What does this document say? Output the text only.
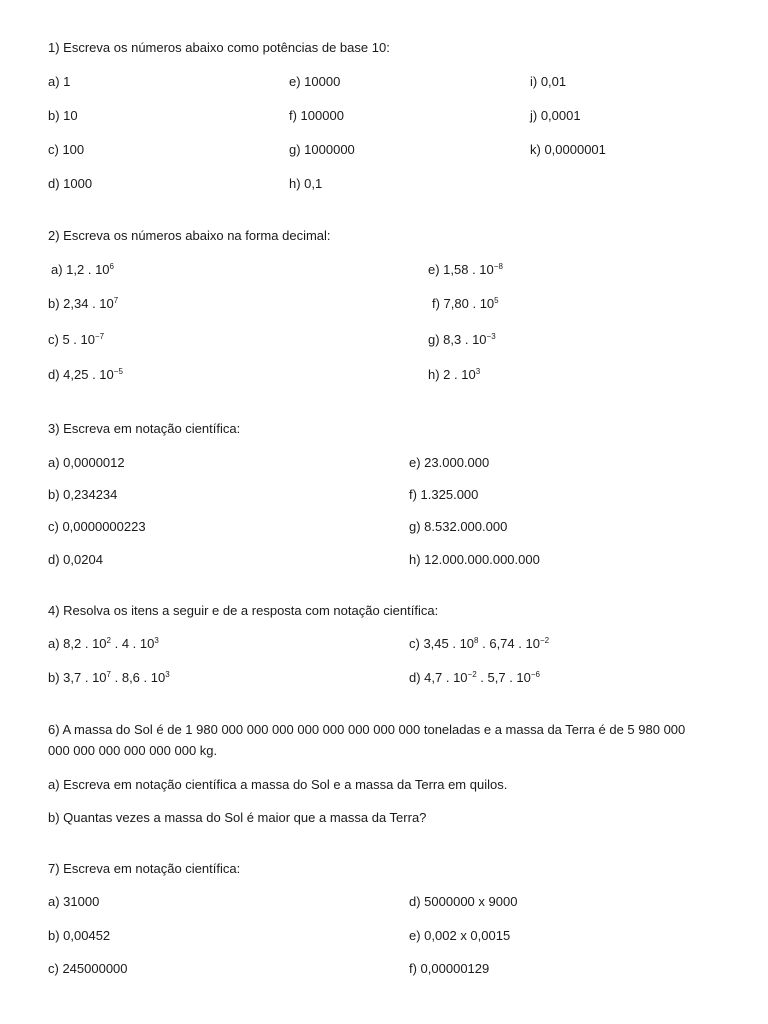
1) Escreva os números abaixo como potências de base 10:
a) 1
b) 10
c) 100
d) 1000
e) 10000
f) 100000
g) 1000000
h) 0,1
i) 0,01
j) 0,0001
k) 0,0000001
2) Escreva os números abaixo na forma decimal:
a) 1,2 . $10^6$
b) 2,34 . $10^7$
c) 5 . $10^{-7}$
d) 4,25 . $10^{-5}$
e) 1,58 . $10^{-8}$
f) 7,80 . $10^5$
g) 8,3 . $10^{-3}$
h) 2 . $10^3$
3) Escreva em notação científica:
a) 0,0000012
b) 0,234234
c) 0,0000000223
d) 0,0204
e) 23.000.000
f) 1.325.000
g) 8.532.000.000
h) 12.000.000.000.000
4) Resolva os itens a seguir e de a resposta com notação científica:
a) 8,2 . $10^2$ . 4 . $10^3$
b) 3,7 . $10^7$ . 8,6 . $10^3$
c) 3,45 . $10^8$ . 6,74 . $10^{-2}$
d) 4,7 . $10^{-2}$ . 5,7 . $10^{-6}$
6) A massa do Sol é de 1 980 000 000 000 000 000 000 000 000 toneladas e a massa da Terra é de 5 980 000 000 000 000 000 000 000 kg.
a) Escreva em notação científica a massa do Sol e a massa da Terra em quilos.
b) Quantas vezes a massa do Sol é maior que a massa da Terra?
7) Escreva em notação científica:
a) 31000
b) 0,00452
c) 245000000
d) 5000000 x 9000
e) 0,002 x 0,0015
f) 0,00000129
